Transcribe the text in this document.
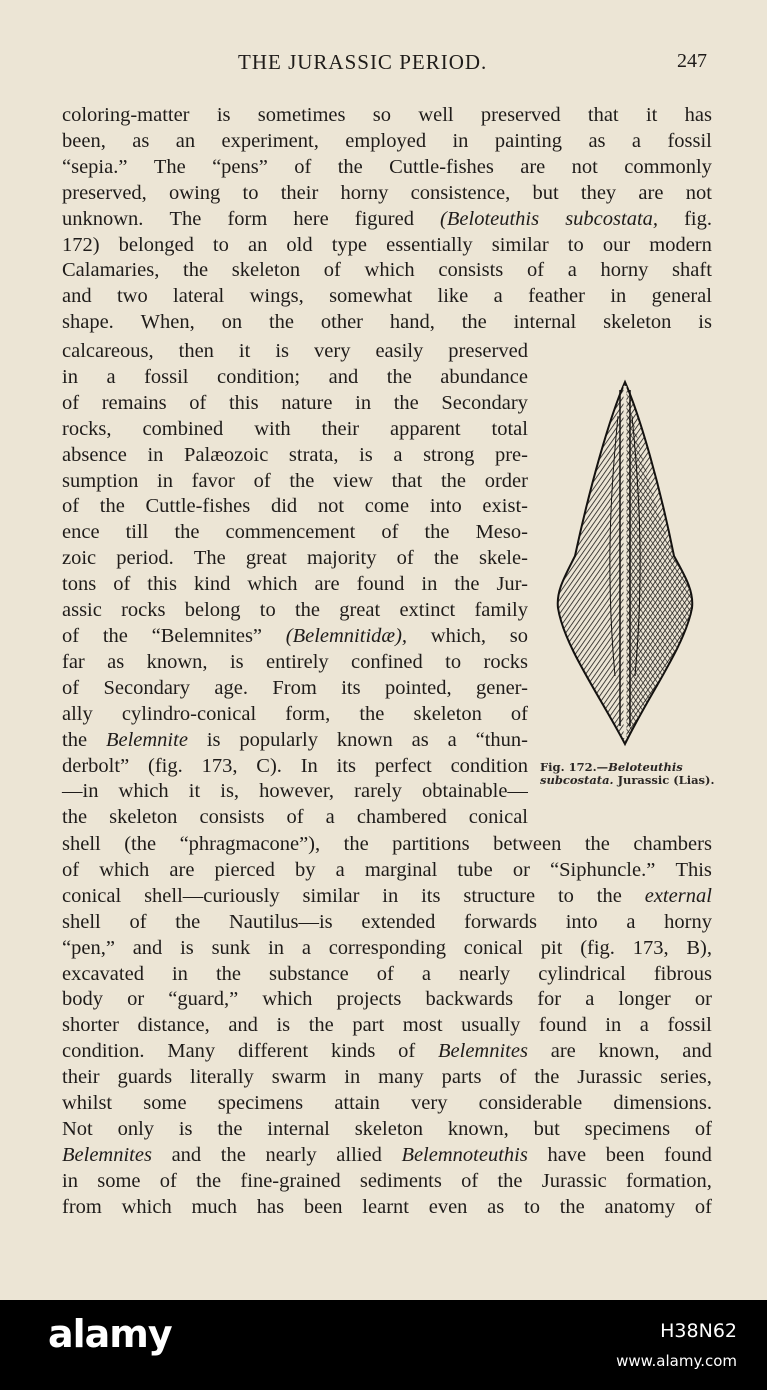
THE JURASSIC PERIOD.	247
coloring-matter is sometimes so well preserved that it has
been, as an experiment, employed in painting as a fossil
“sepia.” The “pens” of the Cuttle-fishes are not commonly
preserved, owing to their horny consistence, but they are not
unknown. The form here figured (Beloteuthis subcostata, fig.
172) belonged to an old type essentially similar to our modern
Calamaries, the skeleton of which consists of a horny shaft
and two lateral wings, somewhat like a feather in general
shape. When, on the other hand, the internal skeleton is
calcareous, then it is very easily preserved
in a fossil condition; and the abundance
of remains of this nature in the Secondary
rocks, combined with their apparent total
absence in Palæozoic strata, is a strong pre-
sumption in favor of the view that the order
of the Cuttle-fishes did not come into exist-
ence till the commencement of the Meso-
zoic period. The great majority of the skele-
tons of this kind which are found in the Jur-
assic rocks belong to the great extinct family
of the “Belemnites” (Belemnitidæ), which, so
far as known, is entirely confined to rocks
of Secondary age. From its pointed, gener-
ally cylindro-conical form, the skeleton of
the Belemnite is popularly known as a “thun-
derbolt” (fig. 173, C). In its perfect condition
—in which it is, however, rarely obtainable—
the skeleton consists of a chambered conical
shell (the “phragmacone”), the partitions between the chambers
of which are pierced by a marginal tube or “Siphuncle.” This
conical shell—curiously similar in its structure to the external
shell of the Nautilus—is extended forwards into a horny
“pen,” and is sunk in a corresponding conical pit (fig. 173, B),
excavated in the substance of a nearly cylindrical fibrous
body or “guard,” which projects backwards for a longer or
shorter distance, and is the part most usually found in a fossil
condition. Many different kinds of Belemnites are known, and
their guards literally swarm in many parts of the Jurassic series,
whilst some specimens attain very considerable dimensions.
Not only is the internal skeleton known, but specimens of
Belemnites and the nearly allied Belemnoteuthis have been found
in some of the fine-grained sediments of the Jurassic formation,
from which much has been learnt even as to the anatomy of
Fig. 172.—Beloteuthis subcostata. Jurassic (Lias).
alamy	H38N62
www.alamy.com
